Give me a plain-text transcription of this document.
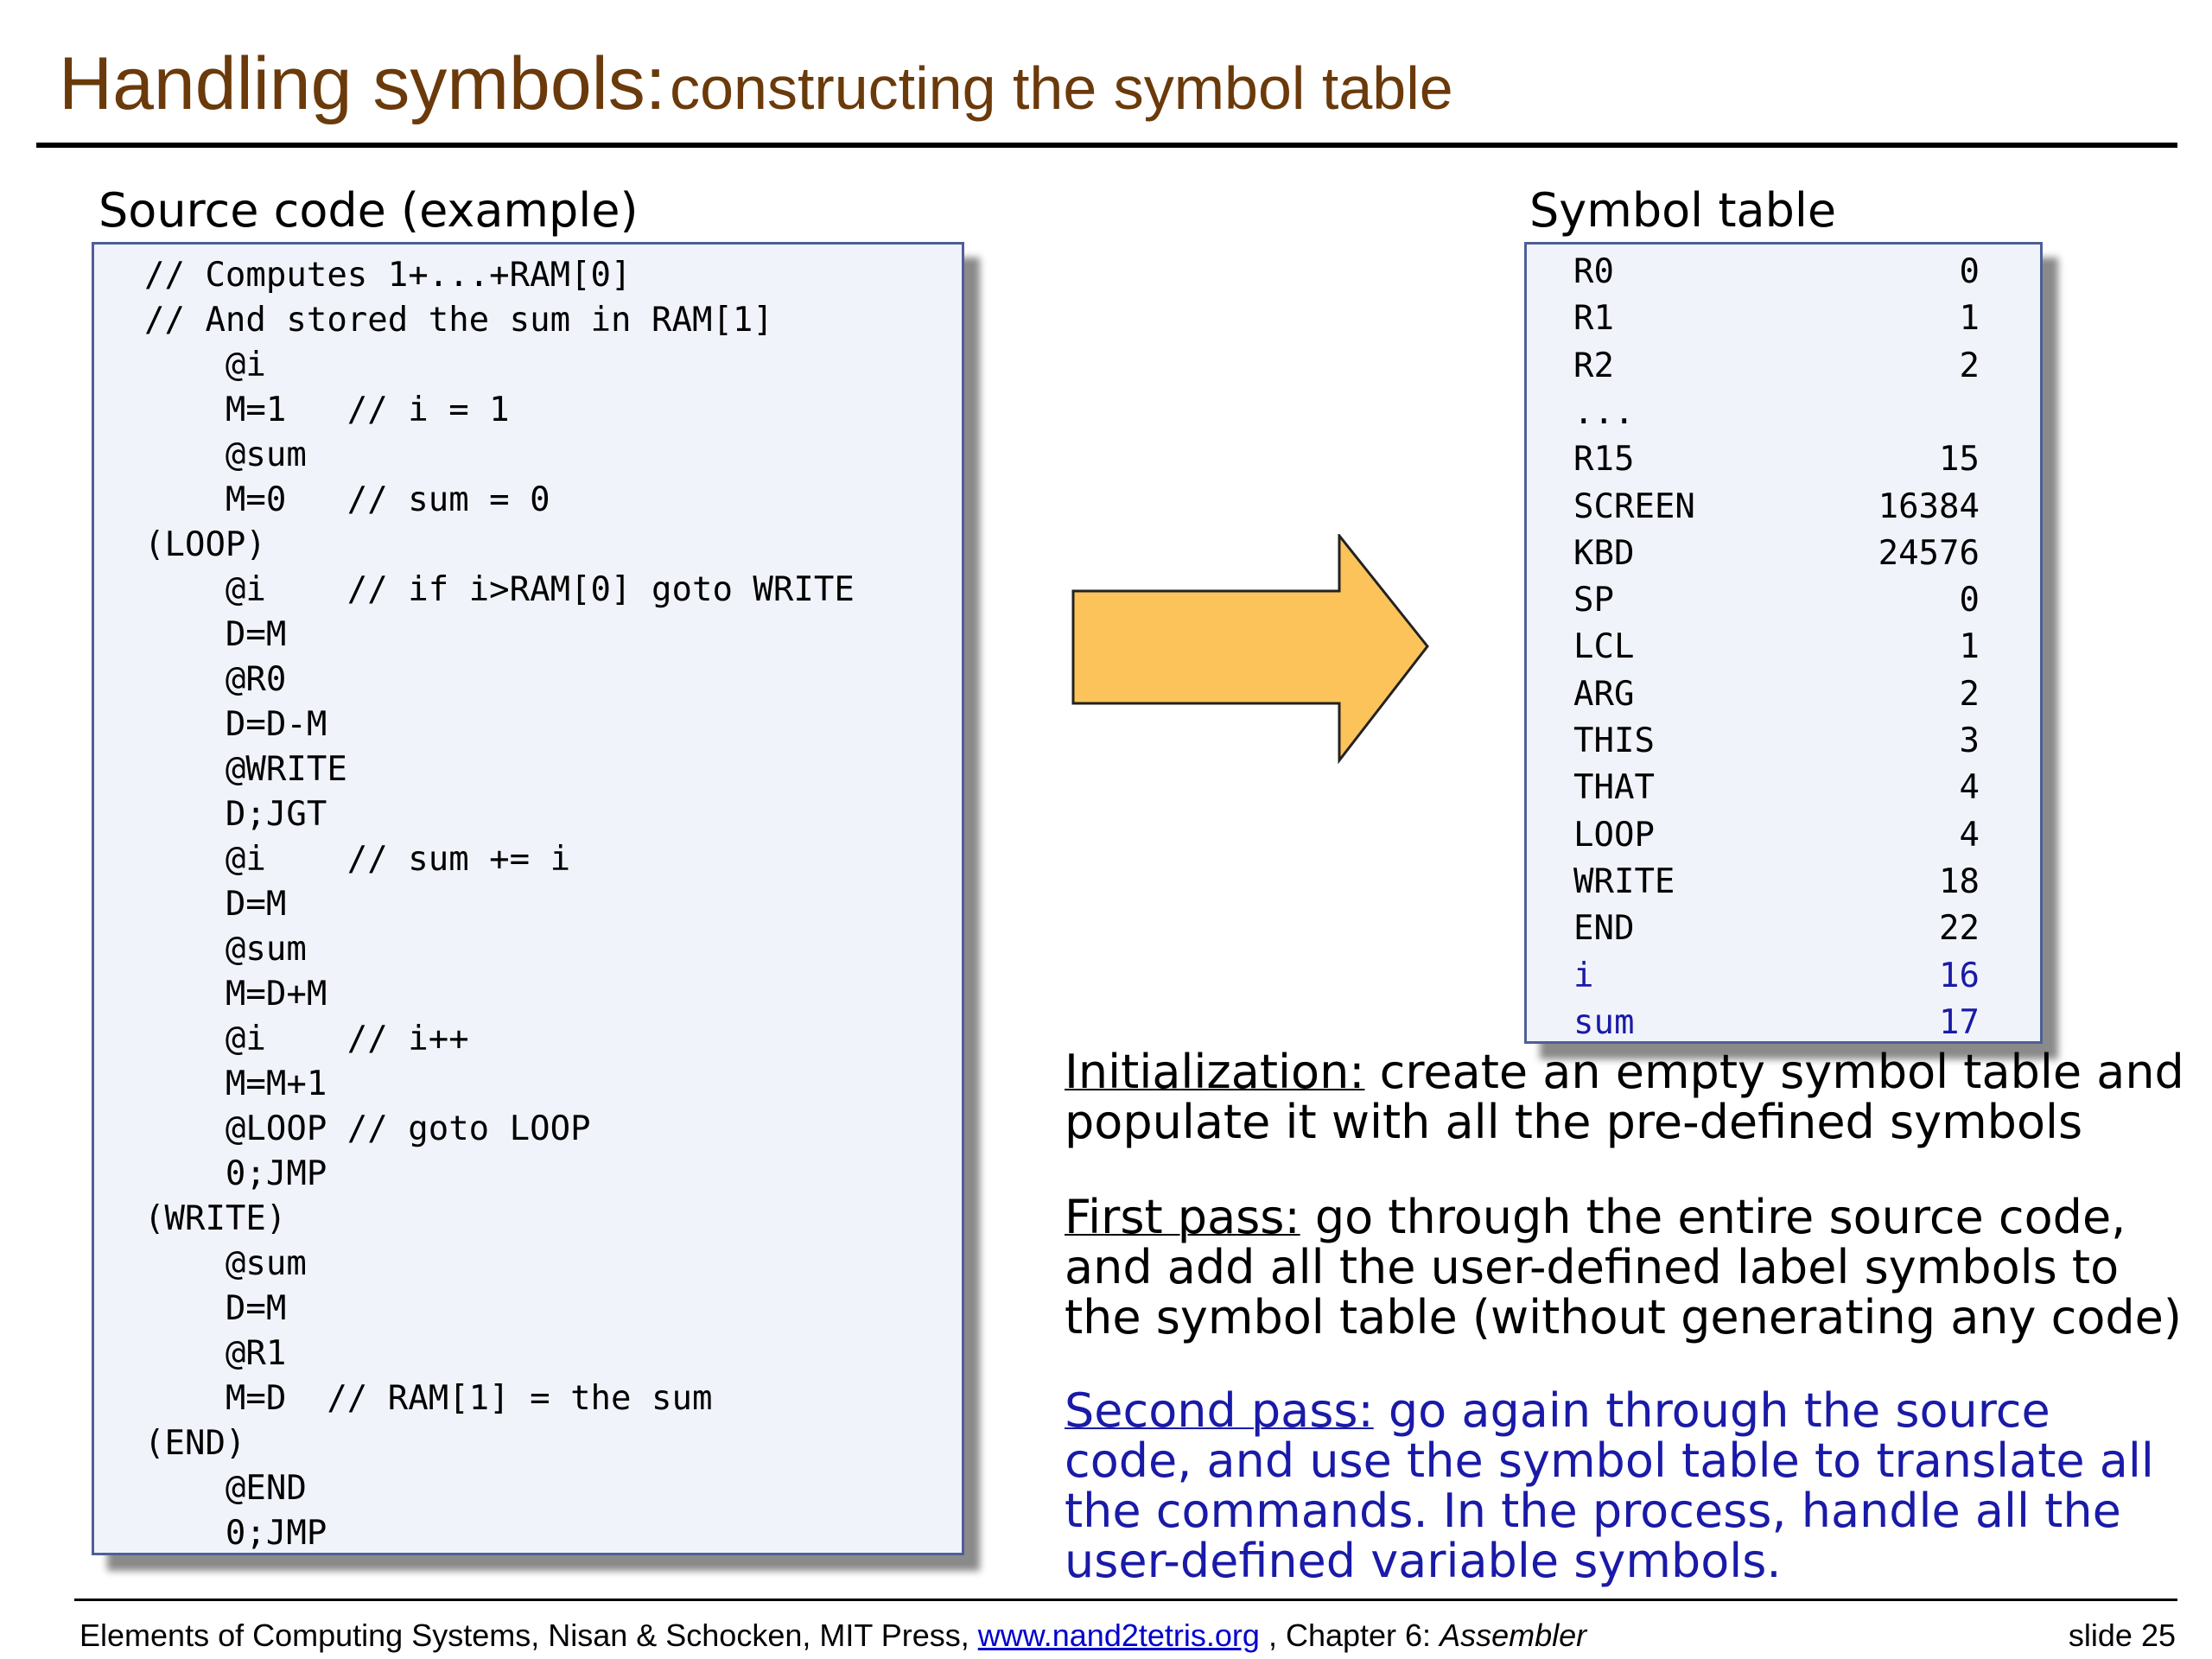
Handling symbols: constructing the symbol table
Source code (example)	Symbol table
// Computes 1+...+RAM[0]
// And stored the sum in RAM[1]
@i
M=1   // i = 1
@sum
M=0   // sum = 0
(LOOP)
@i    // if i>RAM[0] goto WRITE
D=M
@R0
D=D-M
@WRITE
D;JGT
@i    // sum += i
D=M
@sum
M=D+M
@i    // i++
M=M+1
@LOOP // goto LOOP
0;JMP
(WRITE)
@sum
D=M
@R1
M=D  // RAM[1] = the sum
(END)
@END
0;JMP
R0	0
R1	1
R2	2
...
R15	15
SCREEN	16384
KBD	24576
SP	0
LCL	1
ARG	2
THIS	3
THAT	4
LOOP	4
WRITE	18
END	22
i	16
sum	17
Initialization: create an empty symbol table and populate it with all the pre-defined symbols
First pass: go through the entire source code, and add all the user-defined label symbols to the symbol table (without generating any code)
Second pass: go again through the source code, and use the symbol table to translate all the commands. In the process, handle all the user-defined variable symbols.
Elements of Computing Systems, Nisan & Schocken, MIT Press, www.nand2tetris.org , Chapter 6: Assembler	slide 25
